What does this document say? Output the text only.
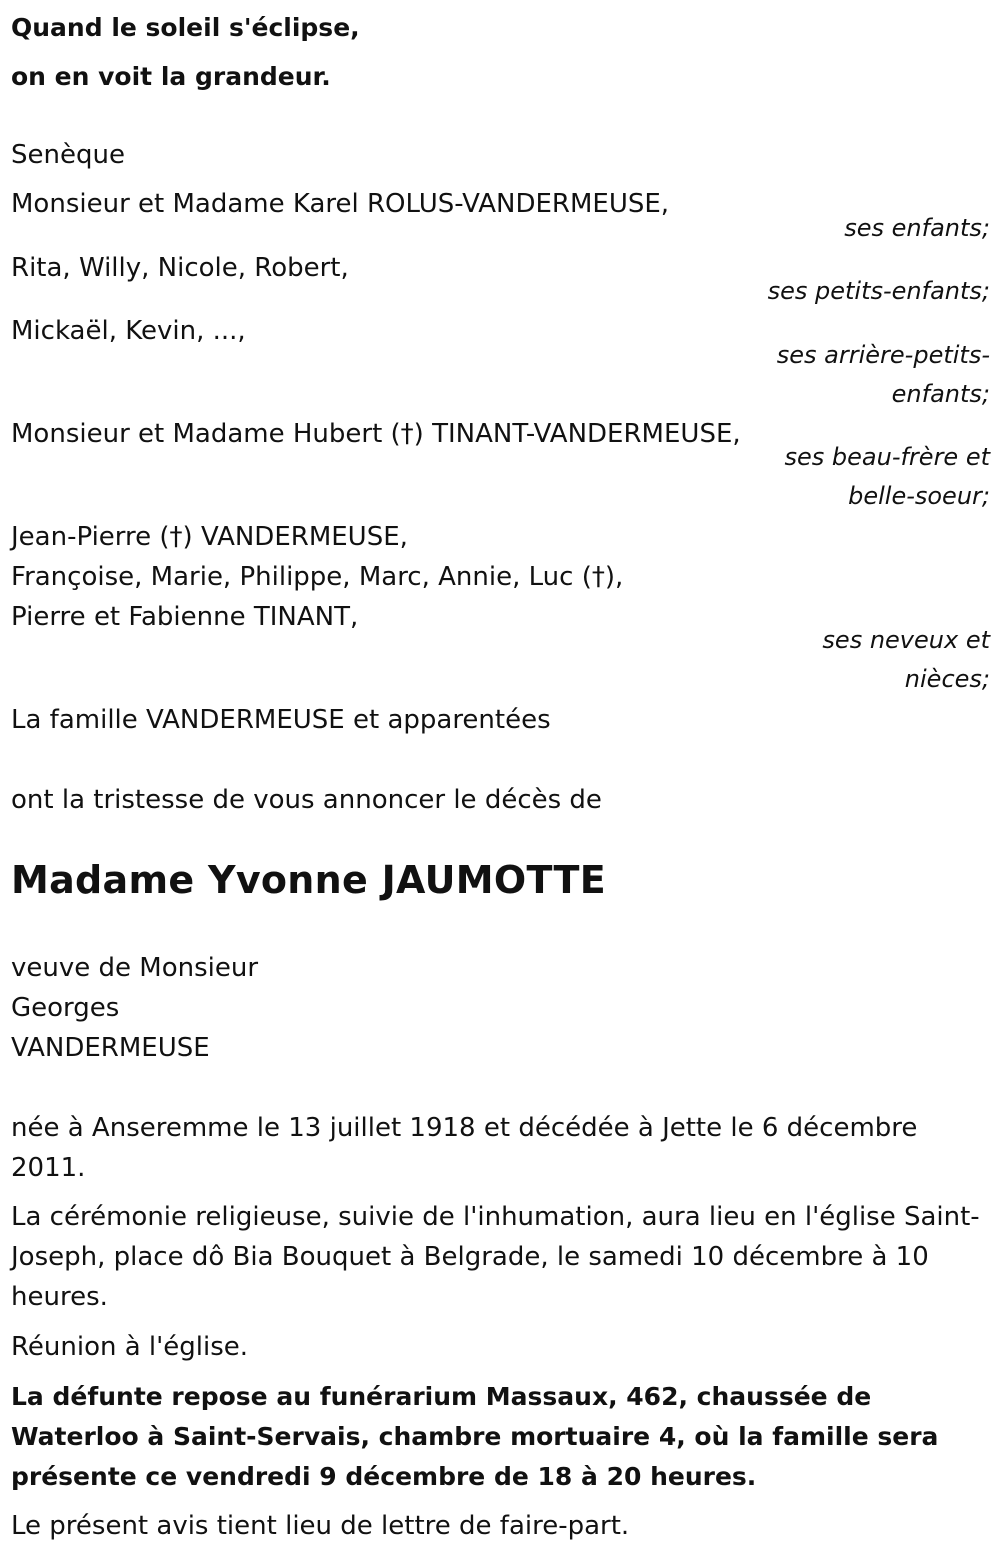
Quand le soleil s'éclipse,
on en voit la grandeur.
Senèque
Monsieur et Madame Karel ROLUS-VANDERMEUSE,
ses enfants;
Rita, Willy, Nicole, Robert,
ses petits-enfants;
Mickaël, Kevin, ...,
ses arrière-petits-
enfants;
Monsieur et Madame Hubert (†) TINANT-VANDERMEUSE,
ses beau-frère et
belle-soeur;
Jean-Pierre (†) VANDERMEUSE,
Françoise, Marie, Philippe, Marc, Annie, Luc (†),
Pierre et Fabienne TINANT,
ses neveux et
nièces;
La famille VANDERMEUSE et apparentées
ont la tristesse de vous annoncer le décès de
Madame Yvonne JAUMOTTE
veuve de Monsieur
Georges
VANDERMEUSE
née à Anseremme le 13 juillet 1918 et décédée à Jette le 6 décembre 2011.
La cérémonie religieuse, suivie de l'inhumation, aura lieu en l'église Saint-Joseph, place dô Bia Bouquet à Belgrade, le samedi 10 décembre à 10 heures.
Réunion à l'église.
La défunte repose au funérarium Massaux, 462, chaussée de Waterloo à Saint-Servais, chambre mortuaire 4, où la famille sera présente ce vendredi 9 décembre de 18 à 20 heures.
Le présent avis tient lieu de lettre de faire-part.
